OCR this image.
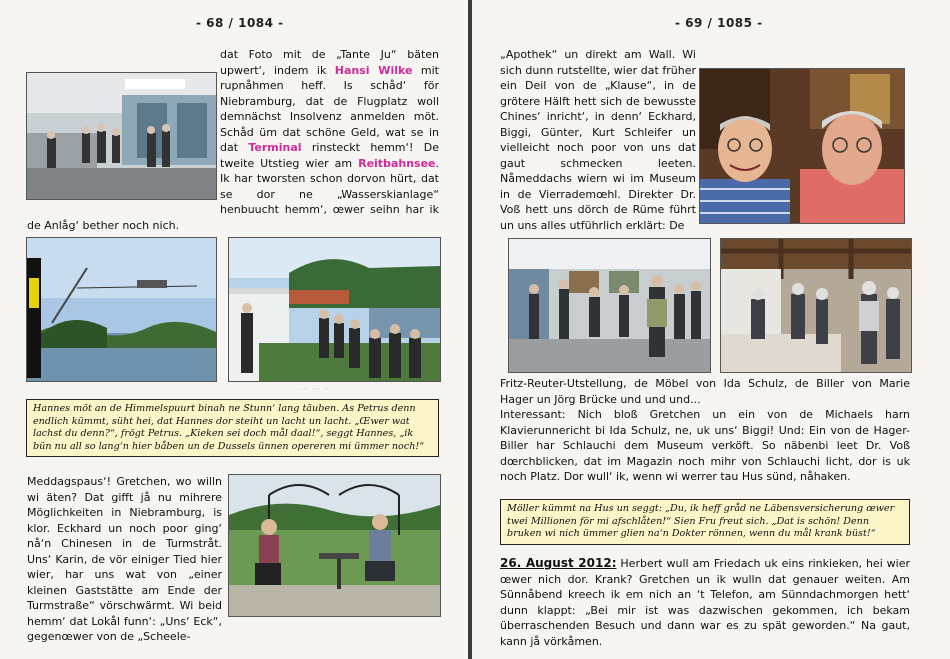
- 68 / 1084 -
dat Foto mit de „Tante Ju“ bäten upwert‘, indem ik Hansi Wilke mit rupnåhmen heff. Is schåd‘ för Niebramburg, dat de Flugplatz woll demnächst Insolvenz anmelden möt. Schåd üm dat schöne Geld, wat se in dat Terminal rinsteckt hemm‘! De tweite Utstieg wier am Reitbahnsee. Ik har tworsten schon dorvon hürt, dat se dor ne „Wasserskianlage“ henbuucht hemm‘, œwer seihn har ik de Anlåg‘ bether noch nich.
Hannes möt an de Himmelspuurt binah ne Stunn‘ lang täuben. As Petrus denn endlich kümmt, süht hei, dat Hannes dor steiht un lacht un lacht. „Œwer wat lachst du denn?“, frögt Petrus. „Kieken sei doch mål daal!“, seggt Hannes, „ik bün nu all so lang‘n hier båben un de Dussels ünnen opereren mi ümmer noch!“
Meddagspaus‘! Gretchen, wo willn wi äten? Dat gifft jå nu mihrere Möglichkeiten in Niebramburg, is klor. Eckhard un noch poor ging‘ nå‘n Chinesen in de Turmstråt. Uns‘ Karin, de vör einiger Tied hier wier, har uns wat von „einer kleinen Gaststätte am Ende der Turmstraße“ vörschwärmt. Wi beid hemm‘ dat Lokål funn‘: „Uns‘ Eck“, gegenœwer von de „Scheele-
··· ··· ···
- 69 / 1085 -
„Apothek“ un direkt am Wall. Wi sich dunn rutstellte, wier dat früher ein Deil von de „Klause“, in de grötere Hälft hett sich de bewusste Chines‘ inricht‘, in denn‘ Eckhard, Biggi, Günter, Kurt Schleifer un vielleicht noch poor von uns dat gaut schmecken leeten. Nåmeddachs wiern wi im Museum in de Vierrademœhl. Direkter Dr. Voß hett uns dörch de Rüme führt un uns alles utführlich erklärt: De

Fritz-Reuter-Utstellung, de Möbel von Ida Schulz, de Biller von Marie Hager un Jörg Brücke und und und...

Interessant: Nich bloß Gretchen un ein von de Michaels harn Klavierunnericht bi Ida Schulz, ne, uk uns‘ Biggi! Und: Ein von de Hager-Biller har Schlauchi dem Museum verköft. So näbenbi leet Dr. Voß dœrchblicken, dat im Magazin noch mihr von Schlauchi licht, dor is uk noch Platz. Dor wull‘ ik, wenn wi werrer tau Hus sünd, nåhaken.

Möller kümmt na Hus un seggt: „Du, ik heff gråd ne Läbensversicherung œwer twei Millionen för mi afschlåten!“ Sien Fru freut sich. „Dat is schön! Denn bruken wi nich ümmer glien na‘n Dokter rönnen, wenn du mål krank büst!“
26. August 2012: Herbert wull am Friedach uk eins rinkieken, hei wier œwer nich dor. Krank? Gretchen un ik wulln dat genauer weiten. Am Sünnåbend kreech ik em nich an ‘t Telefon, am Sünndachmorgen hett‘ dunn klappt: „Bei mir ist was dazwischen gekommen, ich bekam überraschenden Besuch und dann war es zu spät geworden.“ Na gaut, kann jå vörkåmen.
